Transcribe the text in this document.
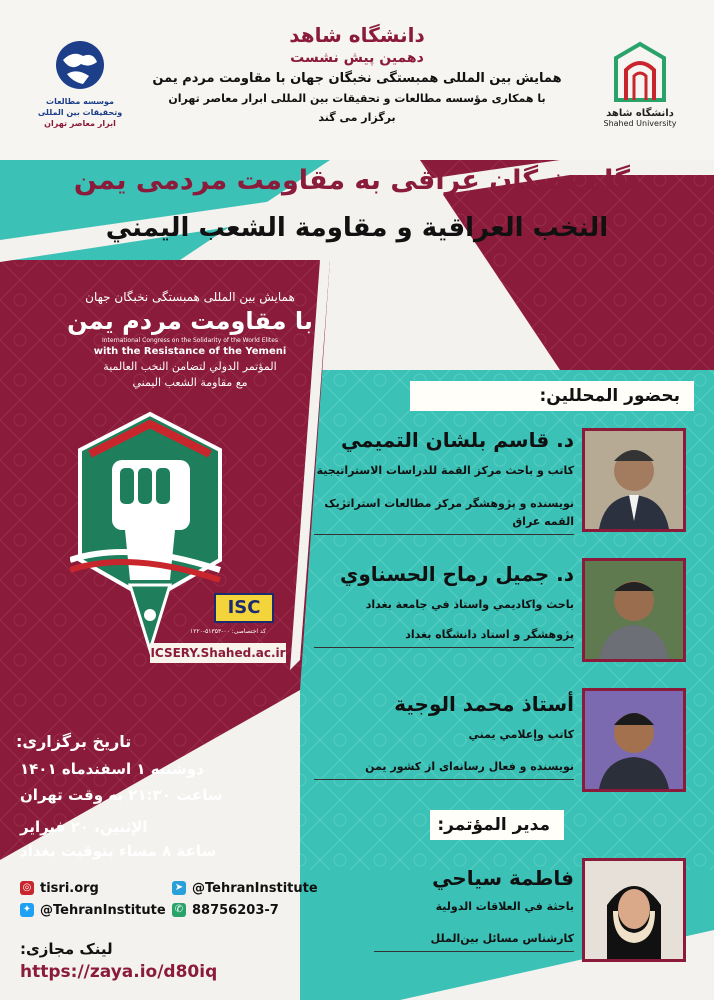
دانشگاه شاهد
دهمین پیش نشست
همایش بین المللی همبستگی نخبگان جهان با مقاومت مردم یمن
با همکاری مؤسسه مطالعات و تحقیقات بین المللی ابرار معاصر تهران برگزار می گند	دانشگاه شاهد
Shahed University
موسسه مطالعات
وتحقیقات بین المللی
ابرار معاصر تهران
نگاه نخبگان عراقی به مقاومت مردمی یمن
النخب العراقية و مقاومة الشعب اليمني
همایش بین المللی همبستگی نخبگان جهان
با مقاومت مردم یمن
International Congress on the Solidarity of the World Elites
with the Resistance of the Yemeni
المؤتمر الدولي لتضامن النخب العالمية
مع مقاومة الشعب اليمني
ISC
کد اختصاصی: ۰۰-۵۱۳۵۳-۱۲۲۰
ICSERY.Shahed.ac.ir
بحضور المحللين:
د. قاسم بلشان التميمي
كاتب و باحث مركز القمة للدراسات الاستراتيجية
نویسنده و پژوهشگر مرکز مطالعات استراتژیک
القمه عراق
د. جميل رماح الحسناوي
باحث واكاديمي واستاذ في جامعة بغداد
پژوهشگر و استاد دانشگاه بغداد
أستاذ محمد الوجية
كاتب وإعلامي يمني
نویسنده و فعال رسانه‌ای از کشور یمن
مدير المؤتمر:
فاطمة سياحي
باحثة في العلاقات الدولية
کارشناس مسائل بین‌الملل
تاریخ برگزاری:
دوشنبه ۱ اسفندماه ۱۴۰۱
ساعت ۲۱:۳۰ به وقت تهران
الإثنين، ۲۰ فبراير
ساعة ۸ مساء بتوقيت بغداد
◎ tisri.org	➤ @TehranInstitute
✦ @TehranInstitute ✆ 88756203-7
لینک مجازی:
https://zaya.io/d80iq
